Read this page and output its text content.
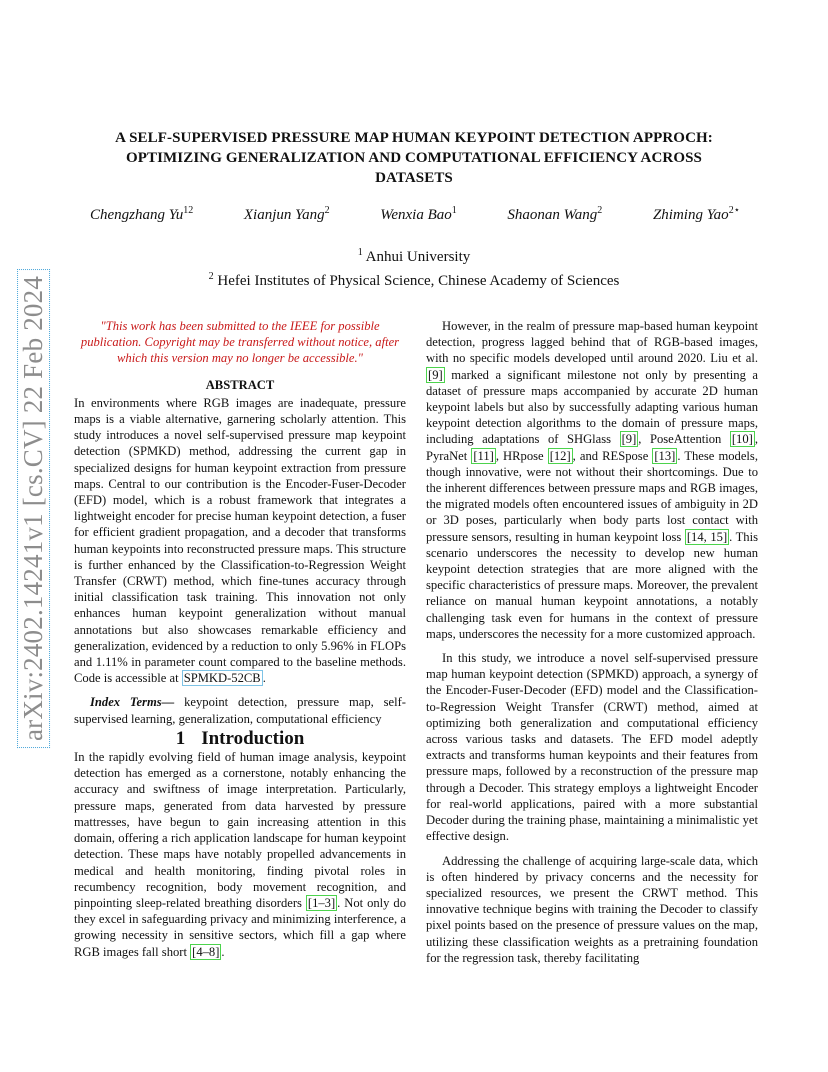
arXiv:2402.14241v1 [cs.CV] 22 Feb 2024
A SELF-SUPERVISED PRESSURE MAP HUMAN KEYPOINT DETECTION APPROCH:
OPTIMIZING GENERALIZATION AND COMPUTATIONAL EFFICIENCY ACROSS
DATASETS
Chengzhang Yu$^{12}$	Xianjun Yang$^2$	Wenxia Bao$^1$	Shaonan Wang$^2$	Zhiming Yao$^{2⋆}$
$^1$ Anhui University
$^2$ Hefei Institutes of Physical Science, Chinese Academy of Sciences

"This work has been submitted to the IEEE for possible publication. Copyright may be transferred without notice, after which this version may no longer be accessible."

ABSTRACT

In environments where RGB images are inadequate, pressure maps is a viable alternative, garnering scholarly attention. This study introduces a novel self-supervised pressure map keypoint detection (SPMKD) method, addressing the current gap in specialized designs for human keypoint extraction from pressure maps. Central to our contribution is the Encoder-Fuser-Decoder (EFD) model, which is a robust framework that integrates a lightweight encoder for precise human keypoint detection, a fuser for efficient gradient propagation, and a decoder that transforms human keypoints into reconstructed pressure maps. This structure is further enhanced by the Classification-to-Regression Weight Transfer (CRWT) method, which fine-tunes accuracy through initial classification task training. This innovation not only enhances human keypoint generalization without manual annotations but also showcases remarkable efficiency and generalization, evidenced by a reduction to only 5.96% in FLOPs and 1.11% in parameter count compared to the baseline methods. Code is accessible at SPMKD-52CB .

Index Terms— keypoint detection, pressure map, self-supervised learning, generalization, computational efficiency

1 Introduction

In the rapidly evolving field of human image analysis, keypoint detection has emerged as a cornerstone, notably enhancing the accuracy and swiftness of image interpretation. Particularly, pressure maps, generated from data harvested by pressure mattresses, have begun to gain increasing attention in this domain, offering a rich application landscape for human keypoint detection. These maps have notably propelled advancements in medical and health monitoring, finding pivotal roles in recumbency recognition, body movement recognition, and pinpointing sleep-related breathing disorders [1–3] . Not only do they excel in safeguarding privacy and minimizing interference, a growing necessity in sensitive sectors, which fill a gap where RGB images fall short [4–8] .

However, in the realm of pressure map-based human keypoint detection, progress lagged behind that of RGB-based images, with no specific models developed until around 2020. Liu et al. [9] marked a significant milestone not only by presenting a dataset of pressure maps accompanied by accurate 2D human keypoint labels but also by successfully adapting various human keypoint detection algorithms to the domain of pressure maps, including adaptations of SHGlass [9] , PoseAttention [10] , PyraNet [11] , HRpose [12] , and RESpose [13] . These models, though innovative, were not without their shortcomings. Due to the inherent differences between pressure maps and RGB images, the migrated models often encountered issues of ambiguity in 2D or 3D poses, particularly when body parts lost contact with pressure sensors, resulting in human keypoint loss [14, 15] . This scenario underscores the necessity to develop new human keypoint detection strategies that are more aligned with the specific characteristics of pressure maps. Moreover, the prevalent reliance on manual human keypoint annotations, a notably challenging task even for humans in the context of pressure maps, underscores the necessity for a more customized approach.

In this study, we introduce a novel self-supervised pressure map human keypoint detection (SPMKD) approach, a synergy of the Encoder-Fuser-Decoder (EFD) model and the Classification-to-Regression Weight Transfer (CRWT) method, aimed at optimizing both generalization and computational efficiency across various tasks and datasets. The EFD model adeptly extracts and transforms human keypoints and their features from pressure maps, followed by a reconstruction of the pressure map through a Decoder. This strategy employs a lightweight Encoder for real-world applications, paired with a more substantial Decoder during the training phase, maintaining a minimalistic yet effective design.

Addressing the challenge of acquiring large-scale data, which is often hindered by privacy concerns and the necessity for specialized resources, we present the CRWT method. This innovative technique begins with training the Decoder to classify pixel points based on the presence of pressure values on the map, utilizing these classification weights as a pretraining foundation for the regression task, thereby facilitating
